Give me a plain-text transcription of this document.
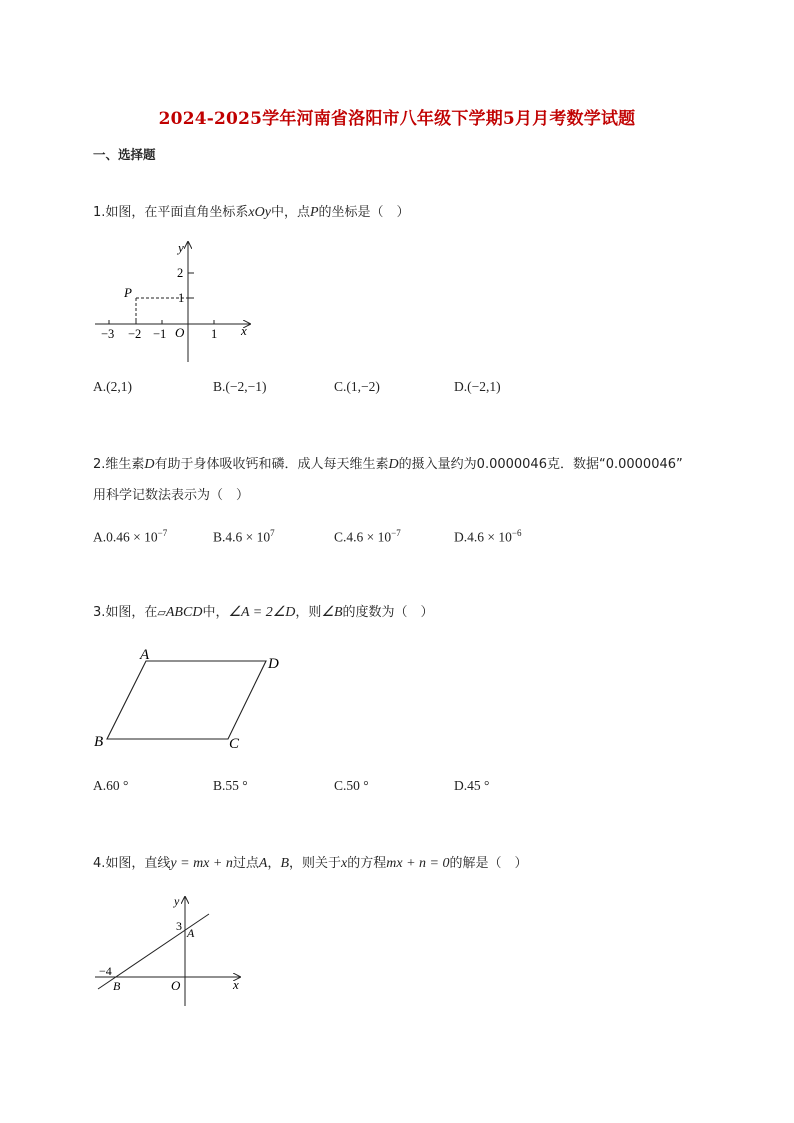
2024-2025学年河南省洛阳市八年级下学期5月月考数学试题
一、选择题
1.如图，在平面直角坐标系xOy中，点P的坐标是（　）
y
x
O
P
2
1
−3 −2 −1	1
A.(2,1)	B.(−2,−1)	C.(1,−2)	D.(−2,1)
2.维生素D有助于身体吸收钙和磷．成人每天维生素D的摄入量约为0.0000046克．数据“0.0000046”
用科学记数法表示为（　）
$A.0.46 \times 10^{-7}$	$B.4.6 \times 10^7$	$C.4.6 \times 10^{-7}$	$D.4.6 \times 10^{-6}$
3.如图，在▱ABCD中，∠A = 2∠D，则∠B的度数为（　）
A
D
B	C
A.60 °	B.55 °	C.50 °	D.45 °
4.如图，直线y = mx + n过点A，B，则关于x的方程mx + n = 0的解是（　）
y
x
O
A
B
3
−4
